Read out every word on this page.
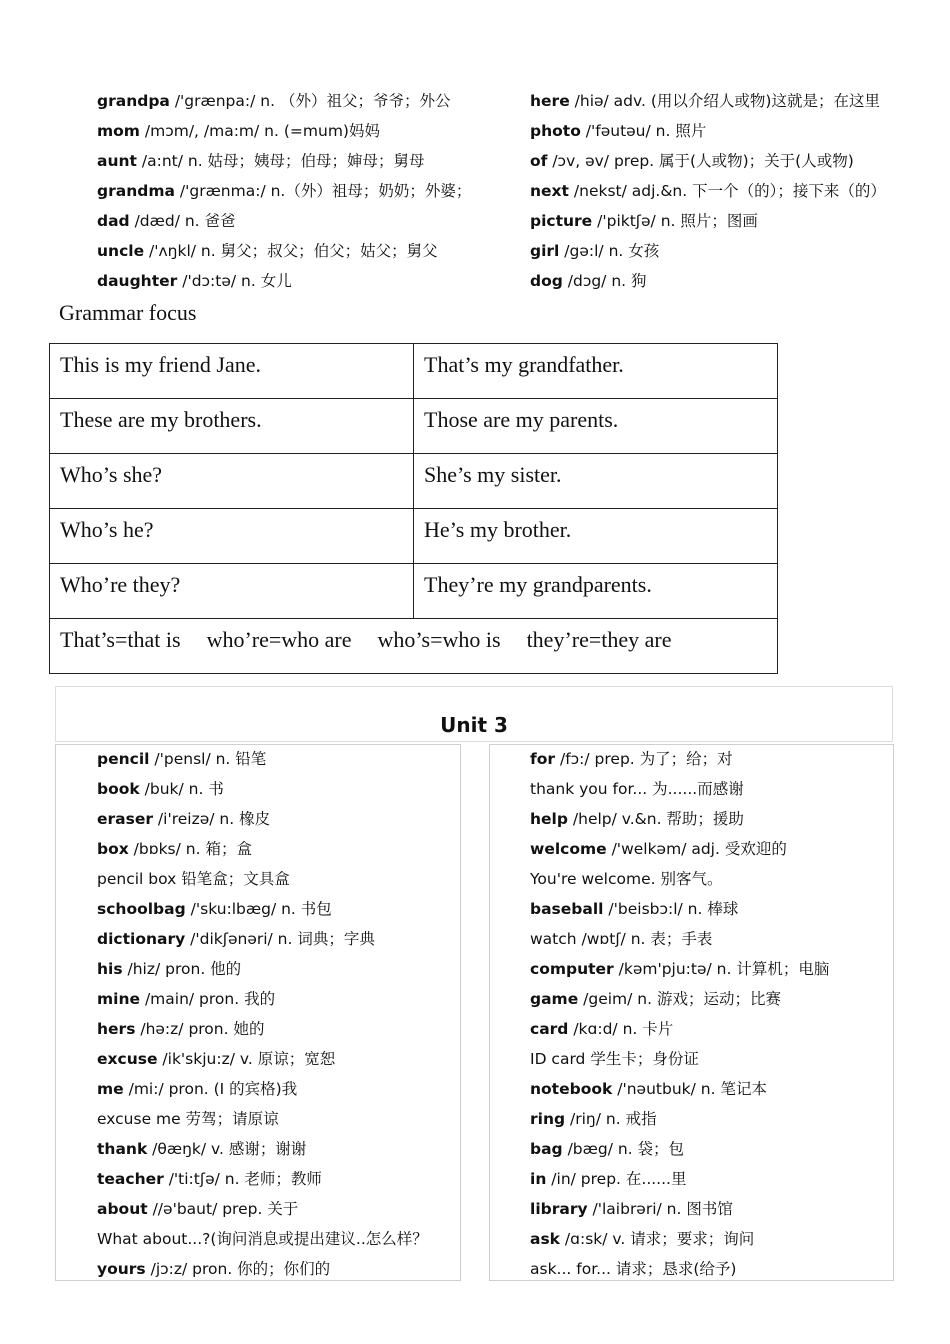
grandpa /'grænpa:/ n. （外）祖父；爷爷；外公
mom /mɔm/, /ma:m/ n. (=mum)妈妈
aunt /a:nt/ n. 姑母；姨母；伯母；婶母；舅母
grandma /'grænma:/ n.（外）祖母；奶奶；外婆；
dad /dæd/ n. 爸爸
uncle /'ʌŋkl/ n. 舅父；叔父；伯父；姑父；舅父
daughter /'dɔ:tə/ n. 女儿
here /hiə/ adv. (用以介绍人或物)这就是；在这里
photo /'fəutəu/ n. 照片
of /ɔv, əv/ prep. 属于(人或物)；关于(人或物)
next /nekst/ adj.&n. 下一个（的）；接下来（的）
picture /'piktʃə/ n. 照片；图画
girl /gə:l/ n. 女孩
dog /dɔg/ n. 狗
Grammar focus
This is my friend Jane.	That’s my grandfather.
These are my brothers.	Those are my parents.
Who’s she?	She’s my sister.
Who’s he?	He’s my brother.
Who’re they?	They’re my grandparents.
That’s=that is who’re=who are who’s=who is they’re=they are	
Unit 3
pencil /'pensl/ n. 铅笔
book /buk/ n. 书
eraser /i'reizə/ n. 橡皮
box /bɒks/ n. 箱；盒
pencil box 铅笔盒；文具盒
schoolbag /'sku:lbæg/ n. 书包
dictionary /'dikʃənəri/ n. 词典；字典
his /hiz/ pron. 他的
mine /main/ pron. 我的
hers /hə:z/ pron. 她的
excuse /ik'skju:z/ v. 原谅；宽恕
me /mi:/ pron. (I 的宾格)我
excuse me 劳驾；请原谅
thank /θæŋk/ v. 感谢；谢谢
teacher /'ti:tʃə/ n. 老师；教师
about //ə'baut/ prep. 关于
What about...?(询问消息或提出建议..怎么样？
yours /jɔ:z/ pron. 你的；你们的
for /fɔ:/ prep. 为了；给；对
thank you for... 为......而感谢
help /help/ v.&n. 帮助；援助
welcome /'welkəm/ adj. 受欢迎的
You're welcome. 别客气。
baseball /'beisbɔ:l/ n. 棒球
watch /wɒtʃ/ n. 表；手表
computer /kəm'pju:tə/ n. 计算机；电脑
game /geim/ n. 游戏；运动；比赛
card /kɑ:d/ n. 卡片
ID card 学生卡；身份证
notebook /'nəutbuk/ n. 笔记本
ring /riŋ/ n. 戒指
bag /bæg/ n. 袋；包
in /in/ prep. 在......里
library /'laibrəri/ n. 图书馆
ask /ɑ:sk/ v. 请求；要求；询问
ask... for... 请求；恳求(给予)
